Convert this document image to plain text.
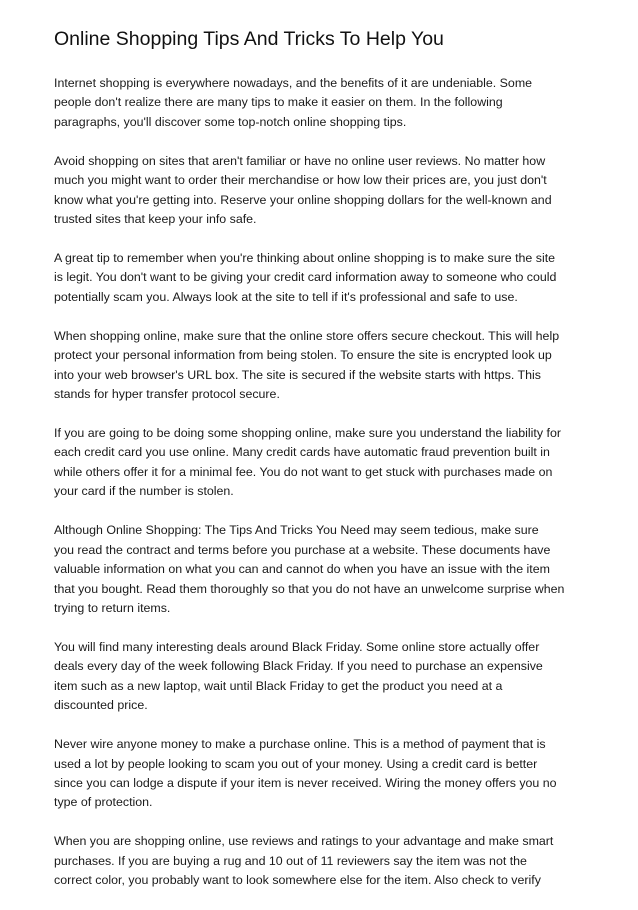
Online Shopping Tips And Tricks To Help You

Internet shopping is everywhere nowadays, and the benefits of it are undeniable. Some
people don't realize there are many tips to make it easier on them. In the following
paragraphs, you'll discover some top-notch online shopping tips.

Avoid shopping on sites that aren't familiar or have no online user reviews. No matter how
much you might want to order their merchandise or how low their prices are, you just don't
know what you're getting into. Reserve your online shopping dollars for the well-known and
trusted sites that keep your info safe.

A great tip to remember when you're thinking about online shopping is to make sure the site
is legit. You don't want to be giving your credit card information away to someone who could
potentially scam you. Always look at the site to tell if it's professional and safe to use.

When shopping online, make sure that the online store offers secure checkout. This will help
protect your personal information from being stolen. To ensure the site is encrypted look up
into your web browser's URL box. The site is secured if the website starts with https. This
stands for hyper transfer protocol secure.

If you are going to be doing some shopping online, make sure you understand the liability for
each credit card you use online. Many credit cards have automatic fraud prevention built in
while others offer it for a minimal fee. You do not want to get stuck with purchases made on
your card if the number is stolen.

Although Online Shopping: The Tips And Tricks You Need may seem tedious, make sure
you read the contract and terms before you purchase at a website. These documents have
valuable information on what you can and cannot do when you have an issue with the item
that you bought. Read them thoroughly so that you do not have an unwelcome surprise when
trying to return items.

You will find many interesting deals around Black Friday. Some online store actually offer
deals every day of the week following Black Friday. If you need to purchase an expensive
item such as a new laptop, wait until Black Friday to get the product you need at a
discounted price.

Never wire anyone money to make a purchase online. This is a method of payment that is
used a lot by people looking to scam you out of your money. Using a credit card is better
since you can lodge a dispute if your item is never received. Wiring the money offers you no
type of protection.

When you are shopping online, use reviews and ratings to your advantage and make smart
purchases. If you are buying a rug and 10 out of 11 reviewers say the item was not the
correct color, you probably want to look somewhere else for the item. Also check to verify
